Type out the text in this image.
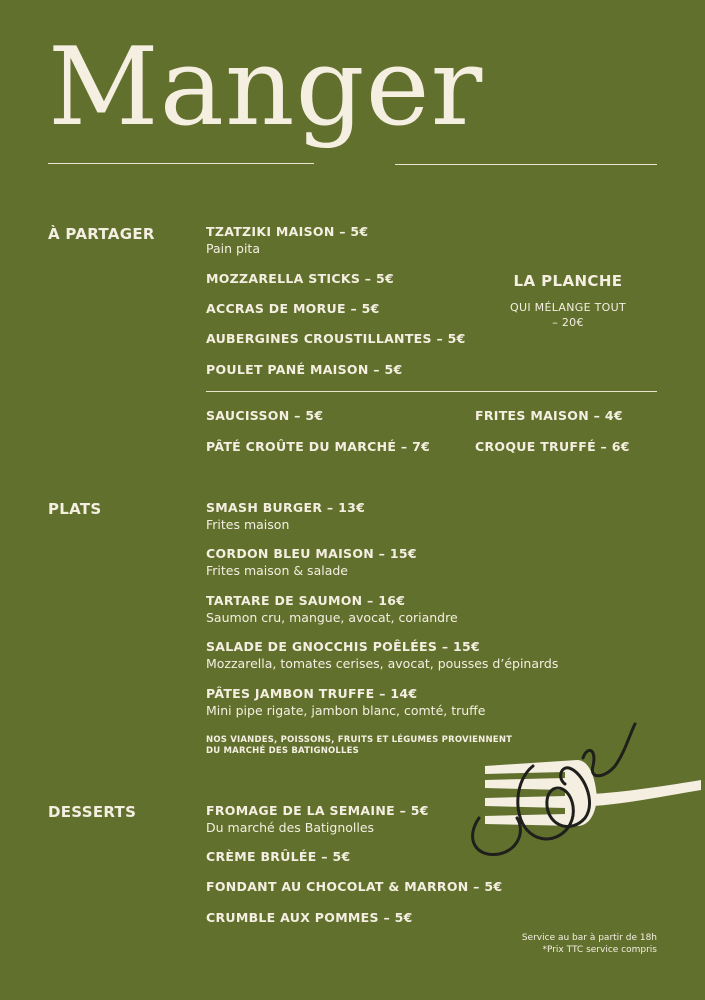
Manger
À PARTAGER	TZATZIKI MAISON – 5€
Pain pita
MOZZARELLA STICKS – 5€
ACCRAS DE MORUE – 5€
AUBERGINES CROUSTILLANTES – 5€
POULET PANÉ MAISON – 5€
LA PLANCHE
QUI MÉLANGE TOUT
– 20€
SAUCISSON – 5€	FRITES MAISON – 4€
PÂTÉ CROÛTE DU MARCHÉ – 7€	CROQUE TRUFFÉ – 6€
PLATS	SMASH BURGER – 13€
Frites maison
CORDON BLEU MAISON – 15€
Frites maison & salade
TARTARE DE SAUMON – 16€
Saumon cru, mangue, avocat, coriandre
SALADE DE GNOCCHIS POÊLÉES – 15€
Mozzarella, tomates cerises, avocat, pousses d’épinards
PÂTES JAMBON TRUFFE – 14€
Mini pipe rigate, jambon blanc, comté, truffe
NOS VIANDES, POISSONS, FRUITS ET LÉGUMES PROVIENNENT
DU MARCHÉ DES BATIGNOLLES
DESSERTS	FROMAGE DE LA SEMAINE – 5€
Du marché des Batignolles
CRÈME BRÛLÉE – 5€
FONDANT AU CHOCOLAT & MARRON – 5€
CRUMBLE AUX POMMES – 5€
Service au bar à partir de 18h
*Prix TTC service compris
